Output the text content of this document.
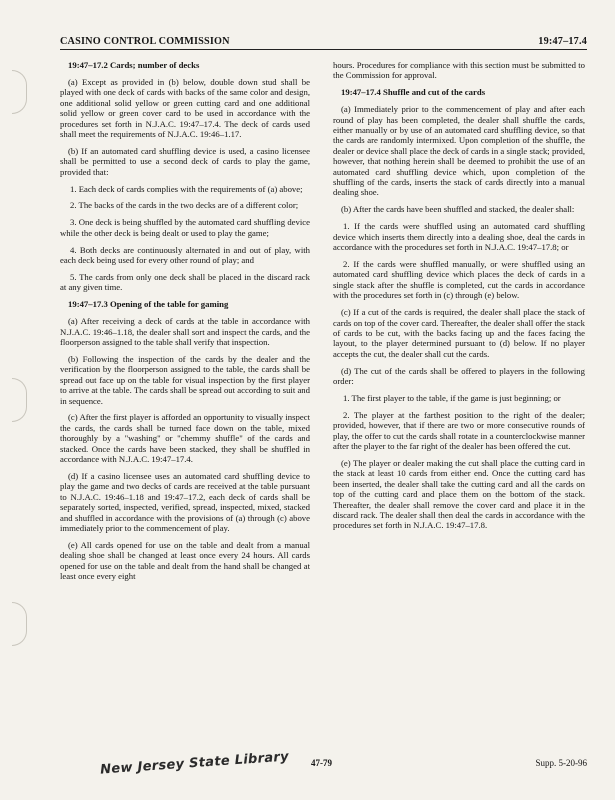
CASINO CONTROL COMMISSION	19:47–17.4

19:47–17.2 Cards; number of decks

(a) Except as provided in (b) below, double down stud shall be played with one deck of cards with backs of the same color and design, one additional solid yellow or green cutting card and one additional solid yellow or green cover card to be used in accordance with the procedures set forth in N.J.A.C. 19:47–17.4. The deck of cards used shall meet the requirements of N.J.A.C. 19:46–1.17.

(b) If an automated card shuffling device is used, a casino licensee shall be permitted to use a second deck of cards to play the game, provided that:

1. Each deck of cards complies with the requirements of (a) above;

2. The backs of the cards in the two decks are of a different color;

3. One deck is being shuffled by the automated card shuffling device while the other deck is being dealt or used to play the game;

4. Both decks are continuously alternated in and out of play, with each deck being used for every other round of play; and

5. The cards from only one deck shall be placed in the discard rack at any given time.

19:47–17.3 Opening of the table for gaming

(a) After receiving a deck of cards at the table in accordance with N.J.A.C. 19:46–1.18, the dealer shall sort and inspect the cards, and the floorperson assigned to the table shall verify that inspection.

(b) Following the inspection of the cards by the dealer and the verification by the floorperson assigned to the table, the cards shall be spread out face up on the table for visual inspection by the first player to arrive at the table. The cards shall be spread out according to suit and in sequence.

(c) After the first player is afforded an opportunity to visually inspect the cards, the cards shall be turned face down on the table, mixed thoroughly by a "washing" or "chemmy shuffle" of the cards and stacked. Once the cards have been stacked, they shall be shuffled in accordance with N.J.A.C. 19:47–17.4.

(d) If a casino licensee uses an automated card shuffling device to play the game and two decks of cards are received at the table pursuant to N.J.A.C. 19:46–1.18 and 19:47–17.2, each deck of cards shall be separately sorted, inspected, verified, spread, inspected, mixed, stacked and shuffled in accordance with the provisions of (a) through (c) above immediately prior to the commencement of play.

(e) All cards opened for use on the table and dealt from a manual dealing shoe shall be changed at least once every 24 hours. All cards opened for use on the table and dealt from the hand shall be changed at least once every eight

hours. Procedures for compliance with this section must be submitted to the Commission for approval.

19:47–17.4 Shuffle and cut of the cards

(a) Immediately prior to the commencement of play and after each round of play has been completed, the dealer shall shuffle the cards, either manually or by use of an automated card shuffling device, so that the cards are randomly intermixed. Upon completion of the shuffle, the dealer or device shall place the deck of cards in a single stack; provided, however, that nothing herein shall be deemed to prohibit the use of an automated card shuffling device which, upon completion of the shuffling of the cards, inserts the stack of cards directly into a manual dealing shoe.

(b) After the cards have been shuffled and stacked, the dealer shall:

1. If the cards were shuffled using an automated card shuffling device which inserts them directly into a dealing shoe, deal the cards in accordance with the procedures set forth in N.J.A.C. 19:47–17.8; or

2. If the cards were shuffled manually, or were shuffled using an automated card shuffling device which places the deck of cards in a single stack after the shuffle is completed, cut the cards in accordance with the procedures set forth in (c) through (e) below.

(c) If a cut of the cards is required, the dealer shall place the stack of cards on top of the cover card. Thereafter, the dealer shall offer the stack of cards to be cut, with the backs facing up and the faces facing the layout, to the player determined pursuant to (d) below. If no player accepts the cut, the dealer shall cut the cards.

(d) The cut of the cards shall be offered to players in the following order:

1. The first player to the table, if the game is just beginning; or

2. The player at the farthest position to the right of the dealer; provided, however, that if there are two or more consecutive rounds of play, the offer to cut the cards shall rotate in a counterclockwise manner after the player to the far right of the dealer has been offered the cut.

(e) The player or dealer making the cut shall place the cutting card in the stack at least 10 cards from either end. Once the cutting card has been inserted, the dealer shall take the cutting card and all the cards on top of the cutting card and place them on the bottom of the stack. Thereafter, the dealer shall remove the cover card and place it in the discard rack. The dealer shall then deal the cards in accordance with the procedures set forth in N.J.A.C. 19:47–17.8.

New Jersey State Library 47-79	Supp. 5-20-96
